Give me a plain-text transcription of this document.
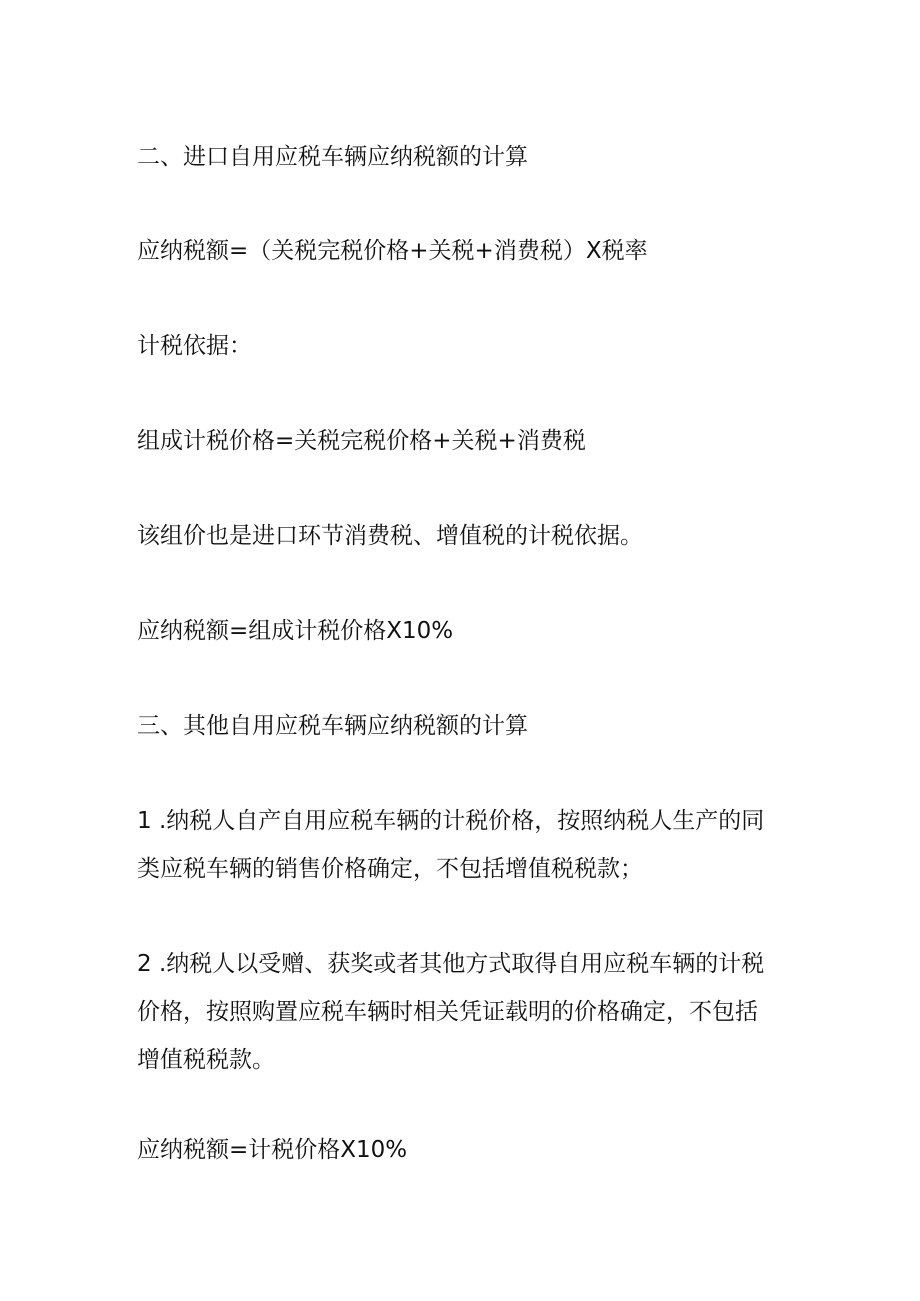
二、进口自用应税车辆应纳税额的计算
应纳税额=（关税完税价格+关税+消费税）X税率
计税依据：
组成计税价格=关税完税价格+关税+消费税
该组价也是进口环节消费税、增值税的计税依据。
应纳税额=组成计税价格X10%
三、其他自用应税车辆应纳税额的计算
1 .纳税人自产自用应税车辆的计税价格，按照纳税人生产的同
类应税车辆的销售价格确定，不包括增值税税款；
2 .纳税人以受赠、获奖或者其他方式取得自用应税车辆的计税
价格，按照购置应税车辆时相关凭证载明的价格确定，不包括
增值税税款。
应纳税额=计税价格X10%
